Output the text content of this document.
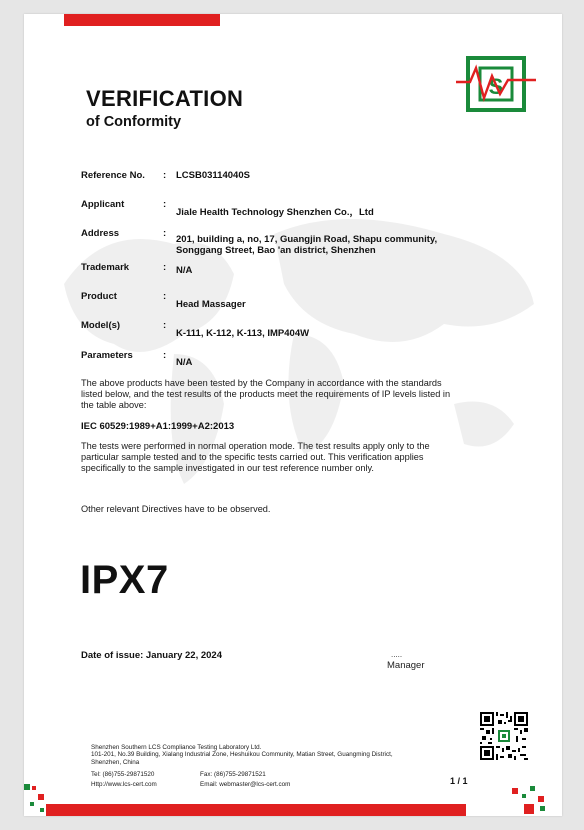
S
VERIFICATION
of Conformity
Reference No. : LCSB03114040S
Applicant	:
Jiale Health Technology Shenzhen Co.，Ltd
Address	:
201, building a, no, 17, Guangjin Road, Shapu community,
Songgang Street, Bao 'an district, Shenzhen
Trademark	: N/A
Product	:
Head Massager
Model(s)	:
K-111, K-112, K-113, IMP404W
Parameters	:
N/A
The above products have been tested by the Company in accordance with the standards
listed below, and the test results of the products meet the requirements of IP levels listed in
the table above:
IEC 60529:1989+A1:1999+A2:2013
The tests were performed in normal operation mode. The test results apply only to the
particular sample tested and to the specific tests carried out. This verification applies
specifically to the sample investigated in our test reference number only.
Other relevant Directives have to be observed.
IPX7
Date of issue: January 22, 2024	.....
Manager
Shenzhen Southern LCS Compliance Testing Laboratory Ltd.
101-201, No.39 Building, Xialang Industrial Zone, Heshuikou Community, Matian Street, Guangming District,
Shenzhen, China
Tel: (86)755-29871520	Fax: (86)755-29871521
Http://www.lcs-cert.com	Email: webmaster@lcs-cert.com	1 / 1
